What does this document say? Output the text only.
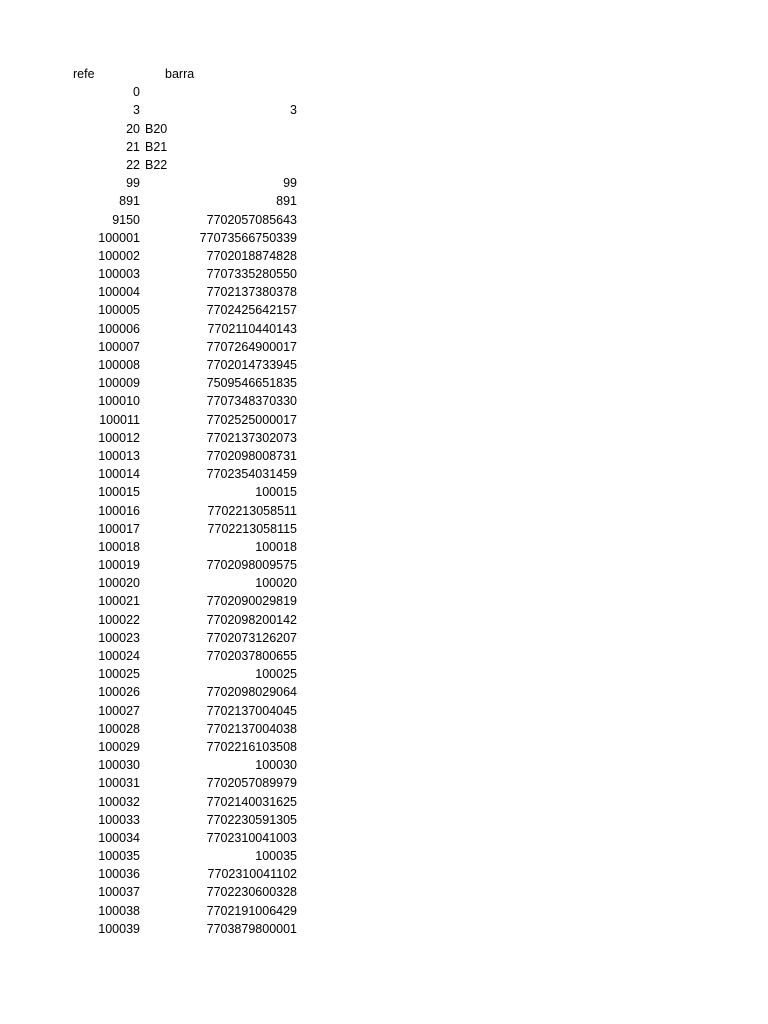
refe	barra
0
3	3
20 B20
21 B21
22 B22
99	99
891	891
9150	7702057085643
100001	77073566750339
100002	7702018874828
100003	7707335280550
100004	7702137380378
100005	7702425642157
100006	7702110440143
100007	7707264900017
100008	7702014733945
100009	7509546651835
100010	7707348370330
100011	7702525000017
100012	7702137302073
100013	7702098008731
100014	7702354031459
100015	100015
100016	7702213058511
100017	7702213058115
100018	100018
100019	7702098009575
100020	100020
100021	7702090029819
100022	7702098200142
100023	7702073126207
100024	7702037800655
100025	100025
100026	7702098029064
100027	7702137004045
100028	7702137004038
100029	7702216103508
100030	100030
100031	7702057089979
100032	7702140031625
100033	7702230591305
100034	7702310041003
100035	100035
100036	7702310041102
100037	7702230600328
100038	7702191006429
100039	7703879800001
